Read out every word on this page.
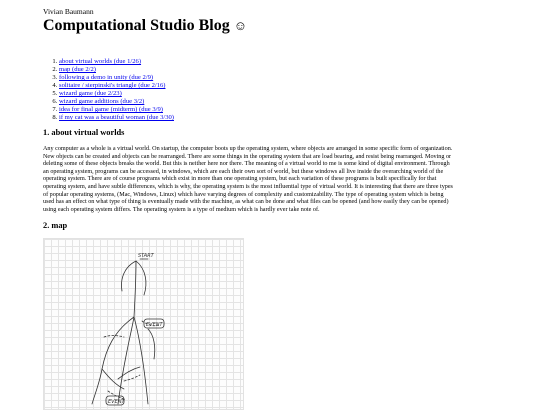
Vivian Baumann

Computational Studio Blog ☺
1. about virtual worlds (due 1/26)
2. map (due 2/2)
3. following a demo in unity (due 2/9)
4. solitaire / sierpinski's triangle (due 2/16)
5. wizard game (due 2/23)
6. wizard game additions (due 3/2)
7. idea for final game (midterm) (due 3/9)
8. if my cat was a beautiful woman (due 3/30)
1. about virtual worlds

Any computer as a whole is a virtual world. On startup, the computer boots up the operating system, where objects are arranged in some specific form of organization. New objects can be created and objects can be rearranged. There are some things in the operating system that are load bearing, and resist being rearranged. Moving or deleting some of these objects breaks the world. But this is neither here nor there. The meaning of a virtual world to me is some kind of digital environment. Through an operating system, programs can be accessed, in windows, which are each their own sort of world, but these windows all live inside the overarching world of the operating system. There are of course programs which exist in more than one operating system, but each variation of these programs is built specifically for that operating system, and have subtle differences, which is why, the operating system is the most influential type of virtual world. It is interesting that there are three types of popular operating systems, (Mac, Windows, Linux) which have varying degrees of complexity and customizability. The type of operating system which is being used has an effect on what type of thing is eventually made with the machine, as what can be done and what files can be opened (and how easily they can be opened) using each operating system differs. The operating system is a type of medium which is hardly ever take note of.

2. map
START
EVENT
EVENT
